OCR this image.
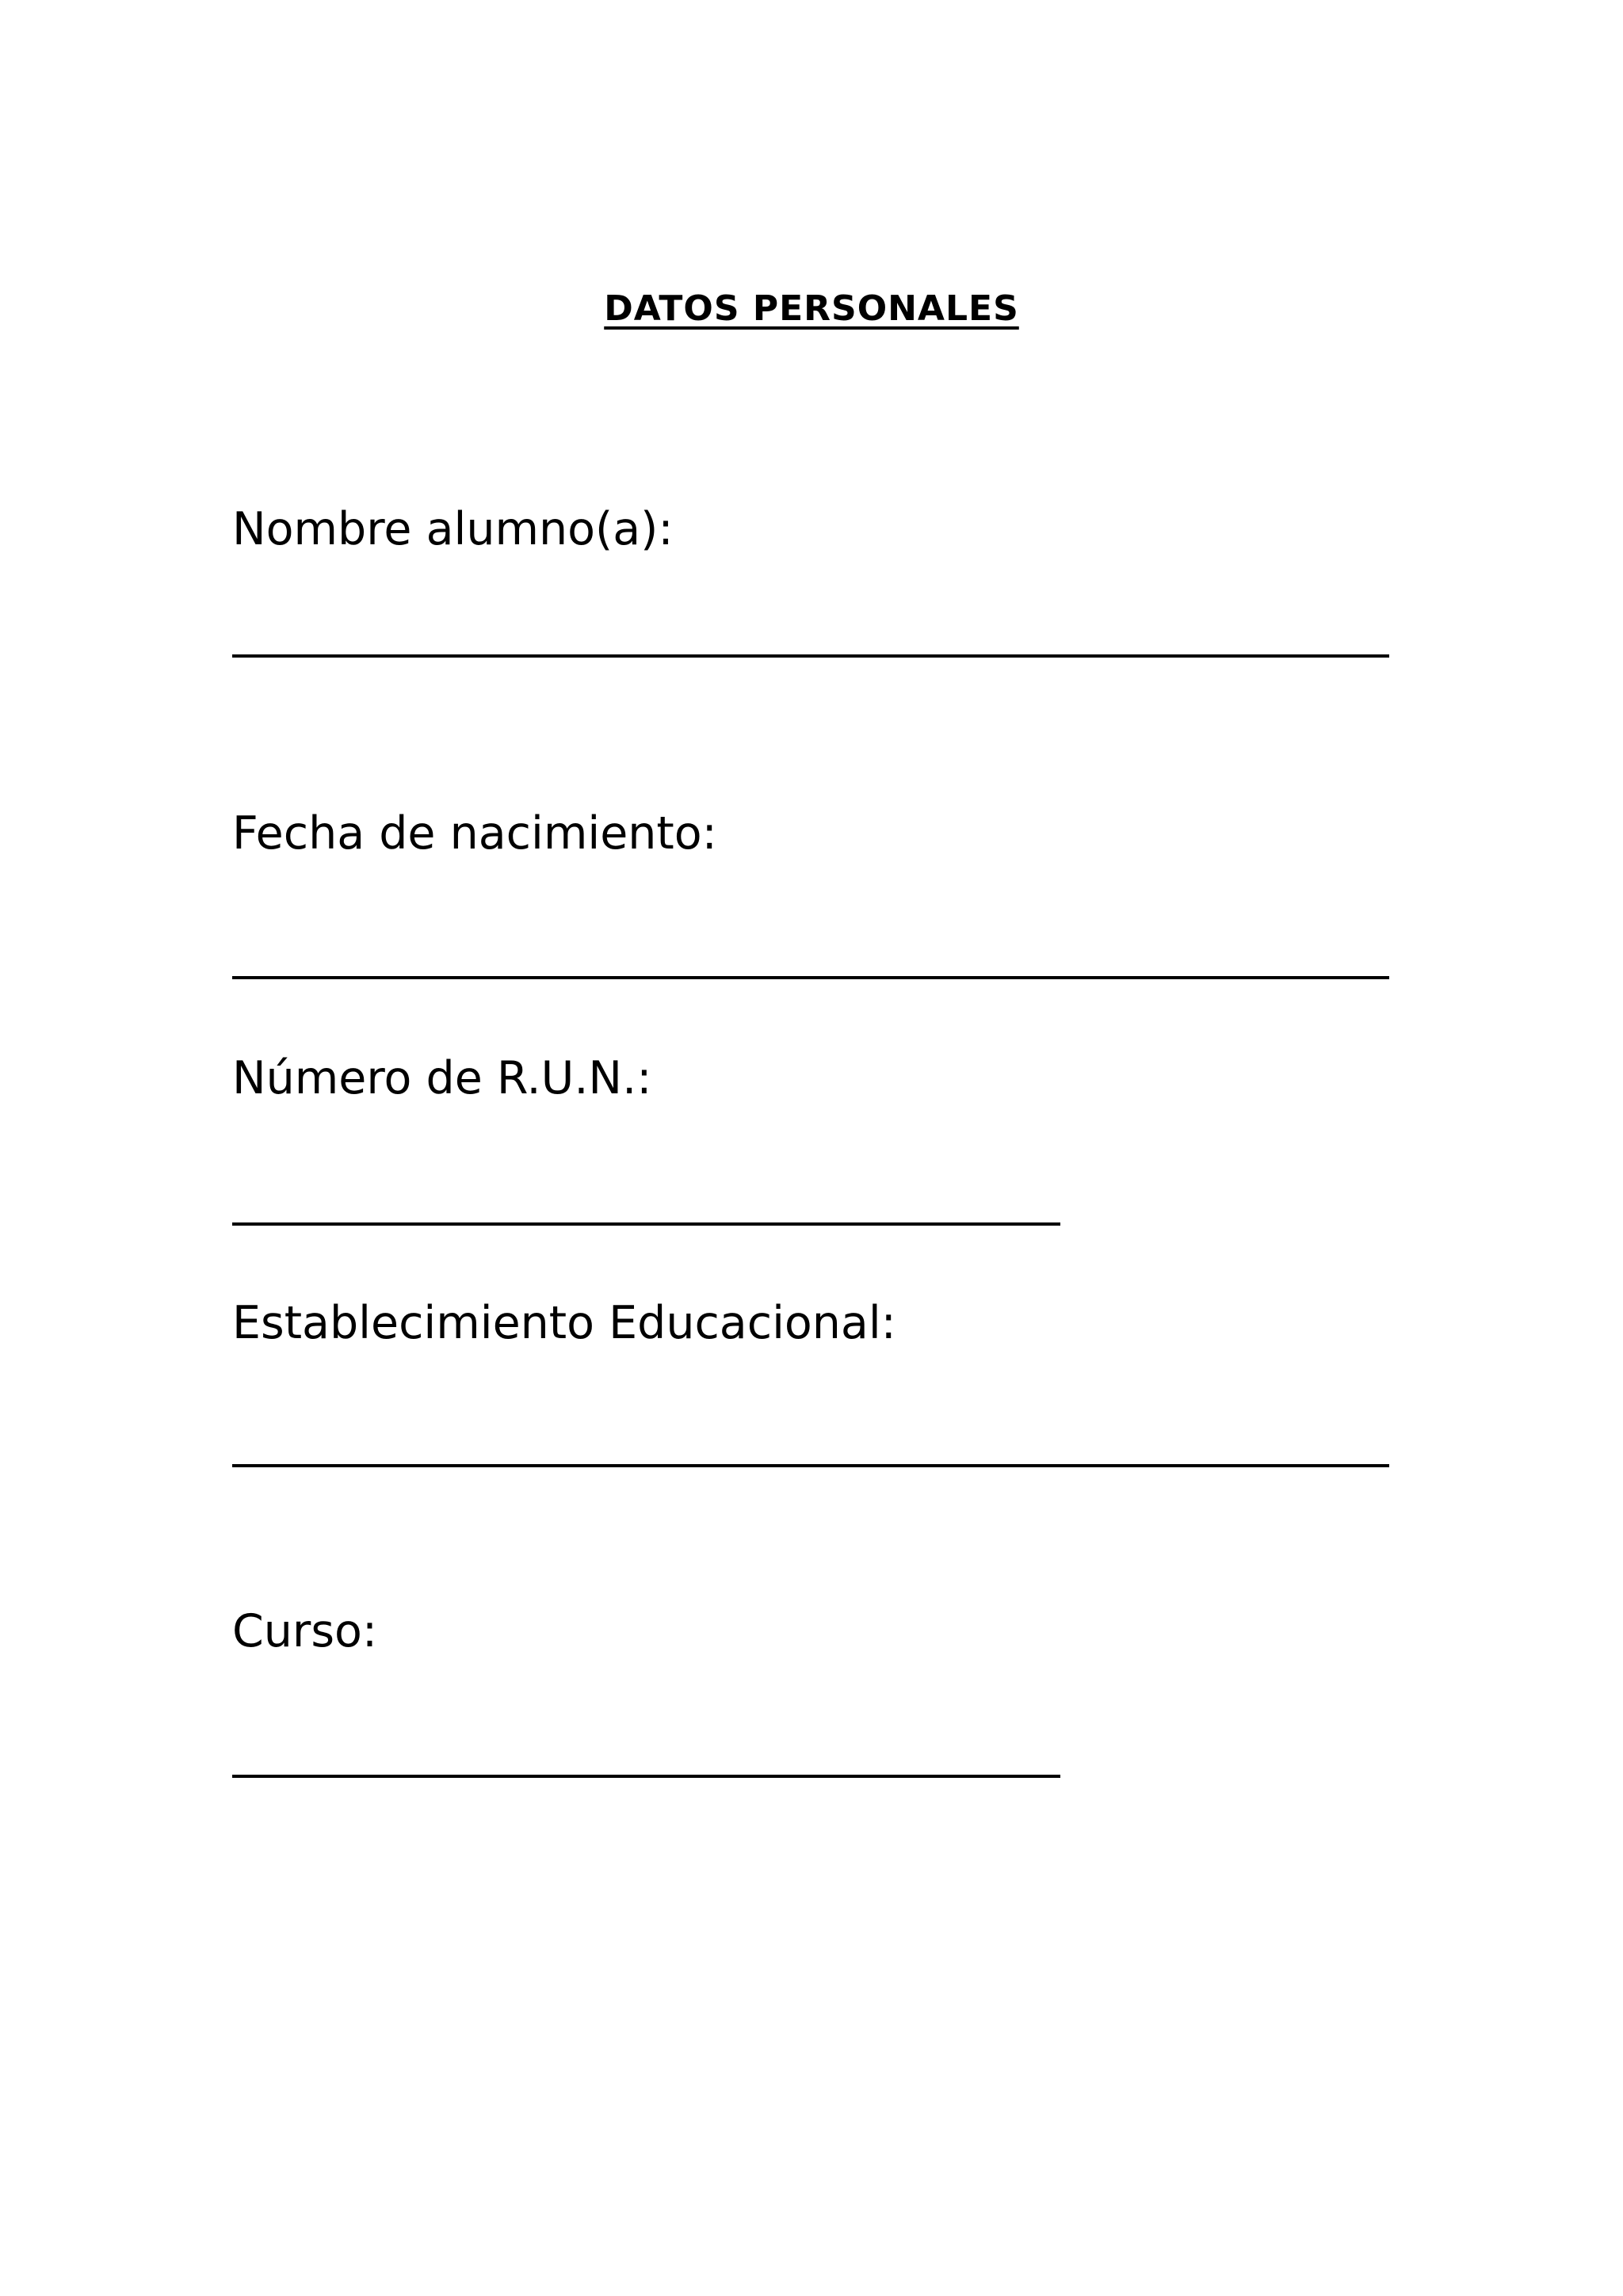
DATOS PERSONALES
Nombre alumno(a):
Fecha de nacimiento:
Número de R.U.N.:
Establecimiento Educacional:
Curso:
